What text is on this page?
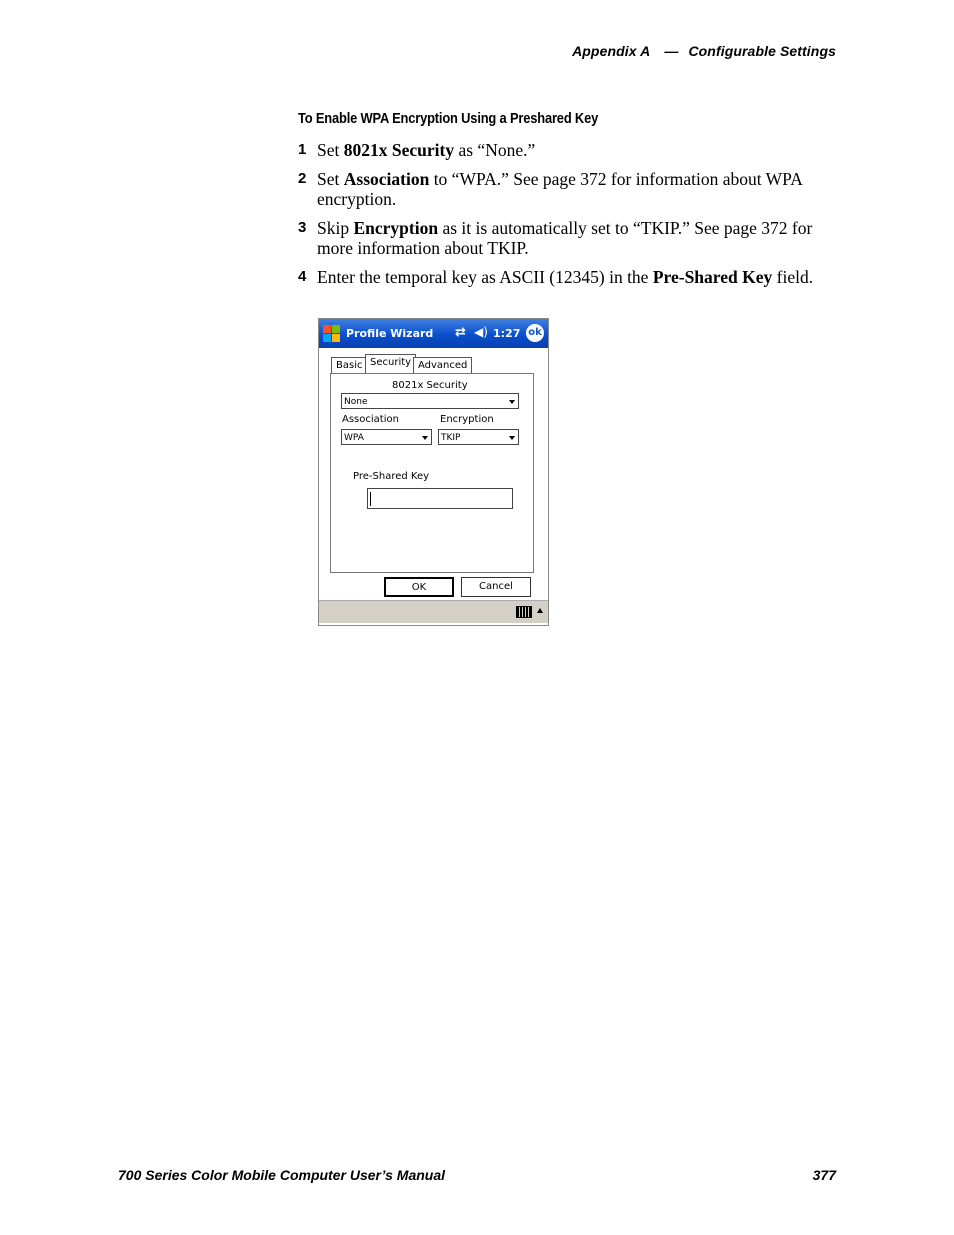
Appendix A — Configurable Settings
To Enable WPA Encryption Using a Preshared Key
1 Set 8021x Security as “None.”
2 Set Association to “WPA.” See page 372 for information about WPA encryption.
3 Skip Encryption as it is automatically set to “TKIP.” See page 372 for more information about TKIP.
4 Enter the temporal key as ASCII (12345) in the Pre-Shared Key field.
Profile Wizard ⇄ ◀) 1:27 ok
Basic Security Advanced
8021x Security
None
Association	Encryption
WPA	TKIP
Pre-Shared Key
OK	Cancel
700 Series Color Mobile Computer User’s Manual	377
